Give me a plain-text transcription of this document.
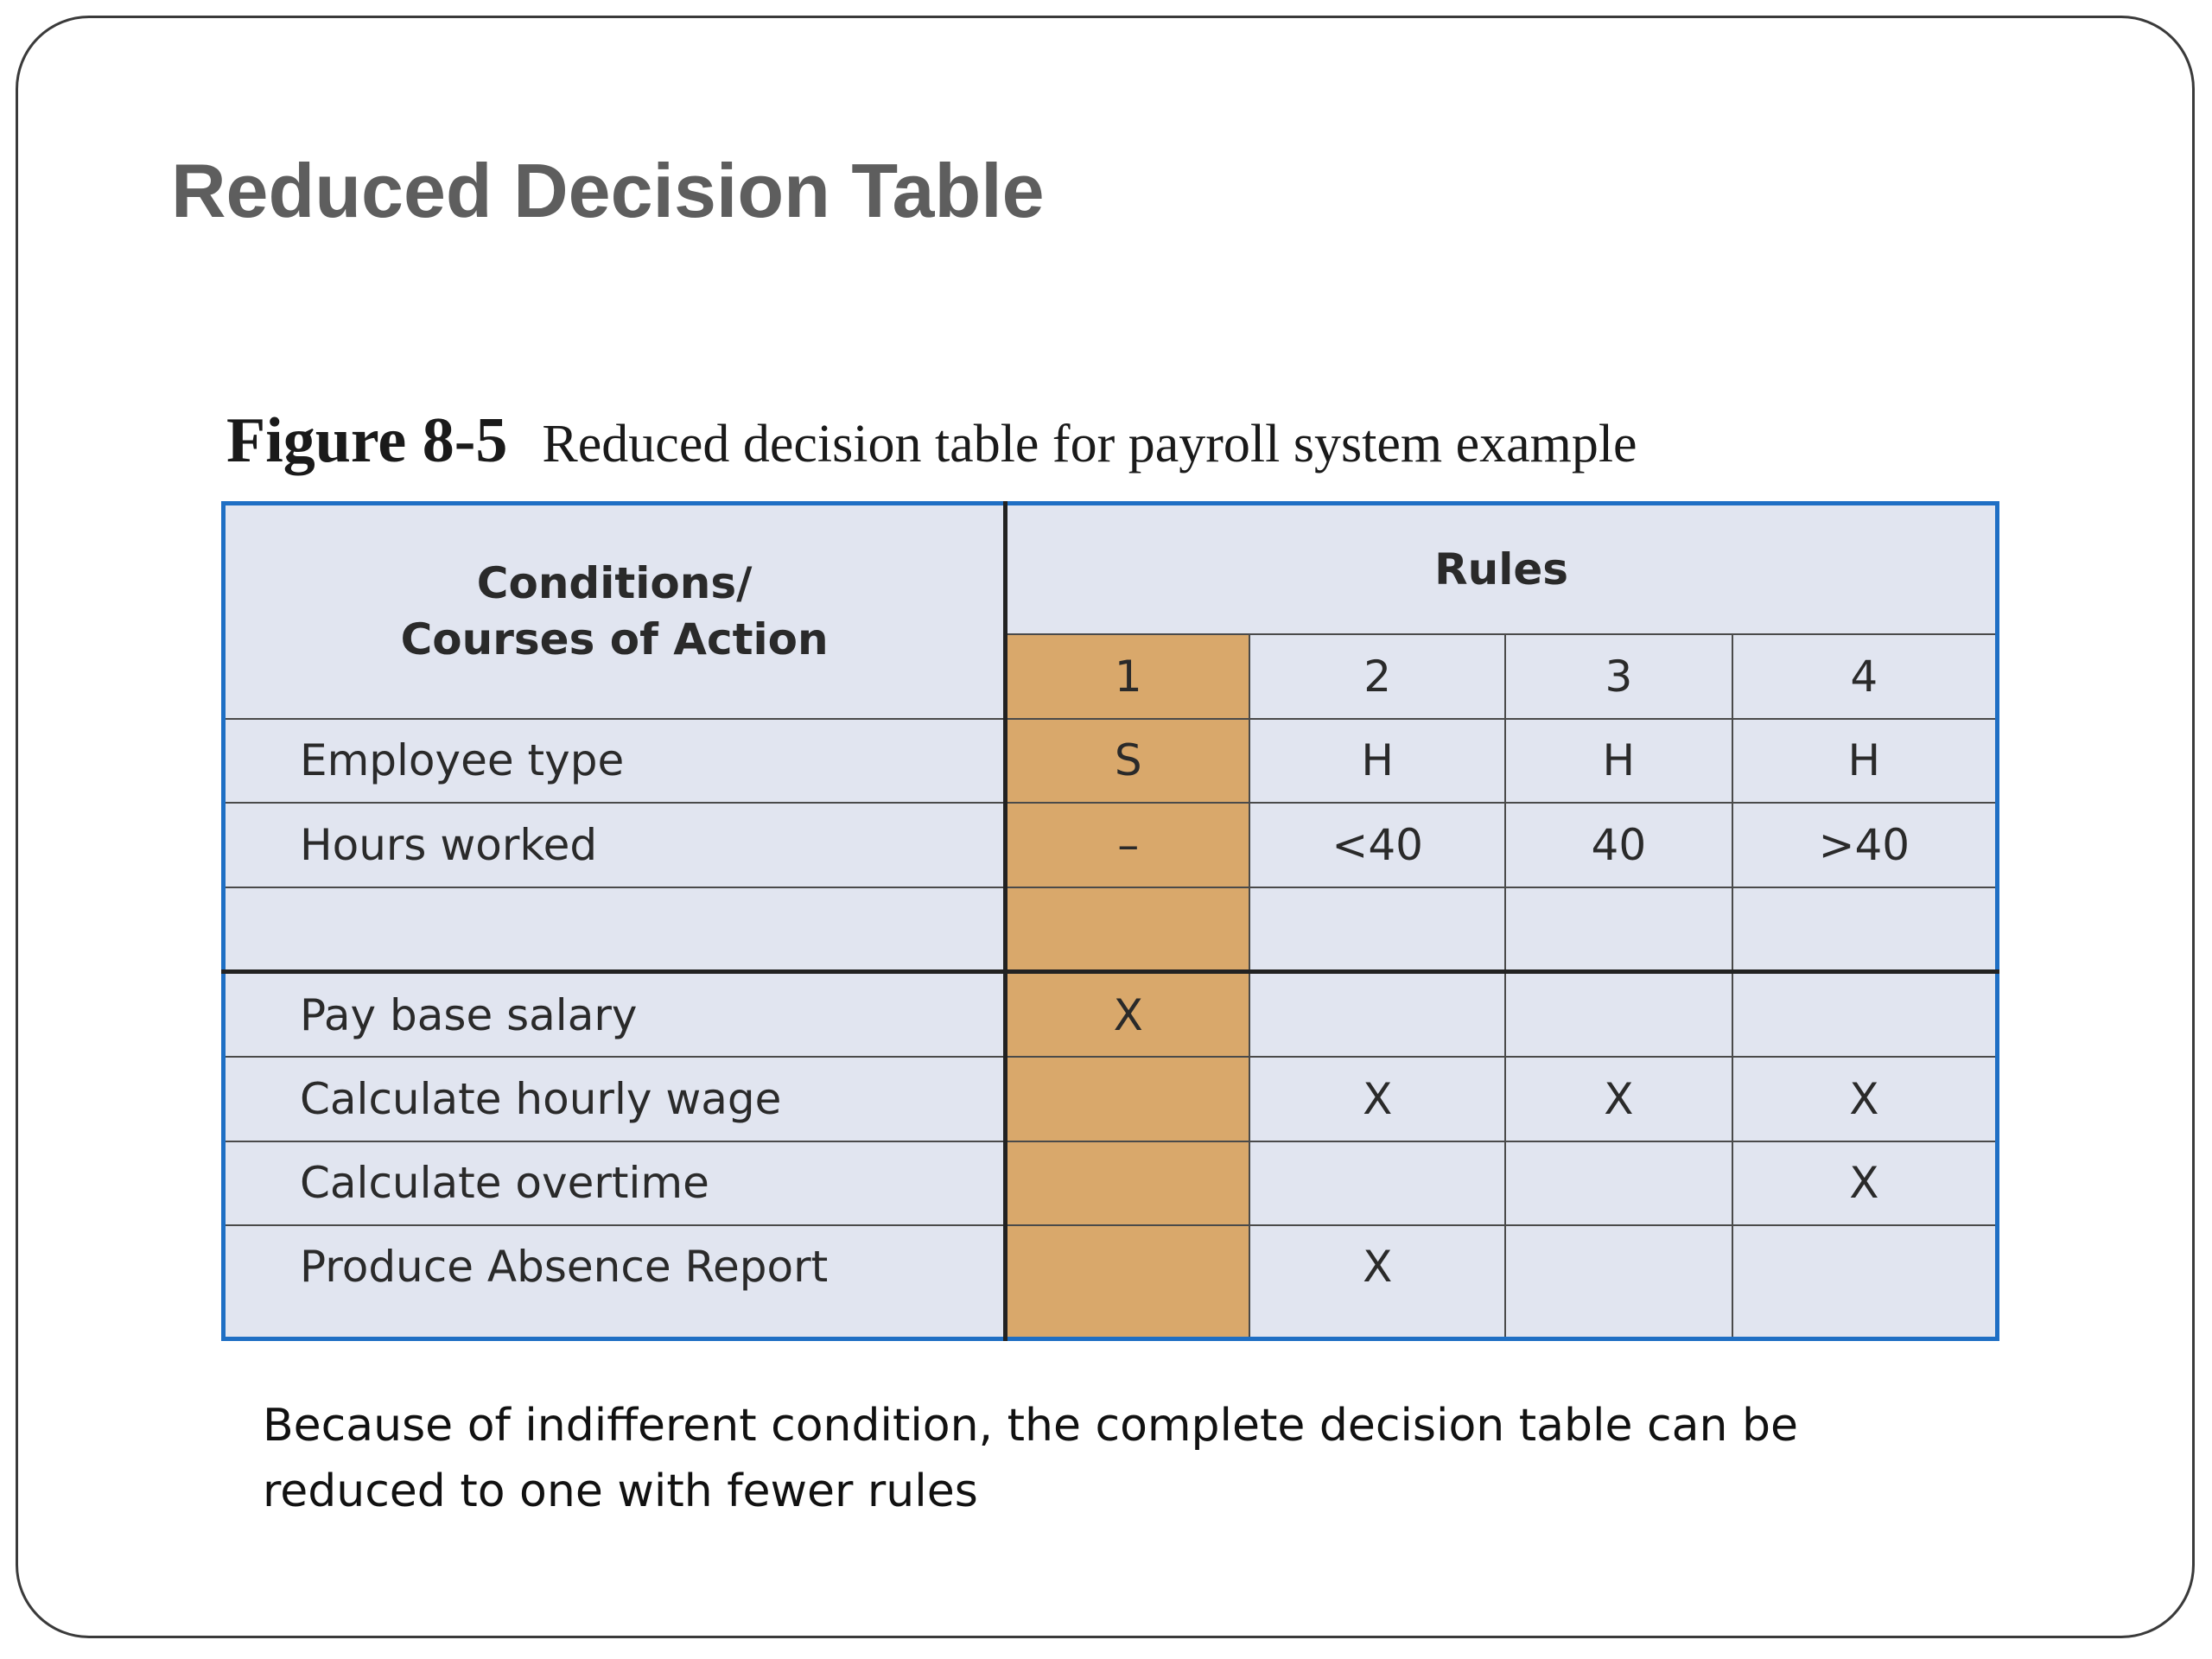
Reduced Decision Table
Figure 8-5 Reduced decision table for payroll system example
Conditions/
Courses of Action	Rules			
	1	2	3	4
Employee type	S	H	H	H
Hours worked	–	<40	40	>40

Pay base salary	X			
Calculate hourly wage		X	X	X
Calculate overtime				X
Produce Absence Report		X		

Because of indifferent condition, the complete decision table can be reduced to one with fewer rules
